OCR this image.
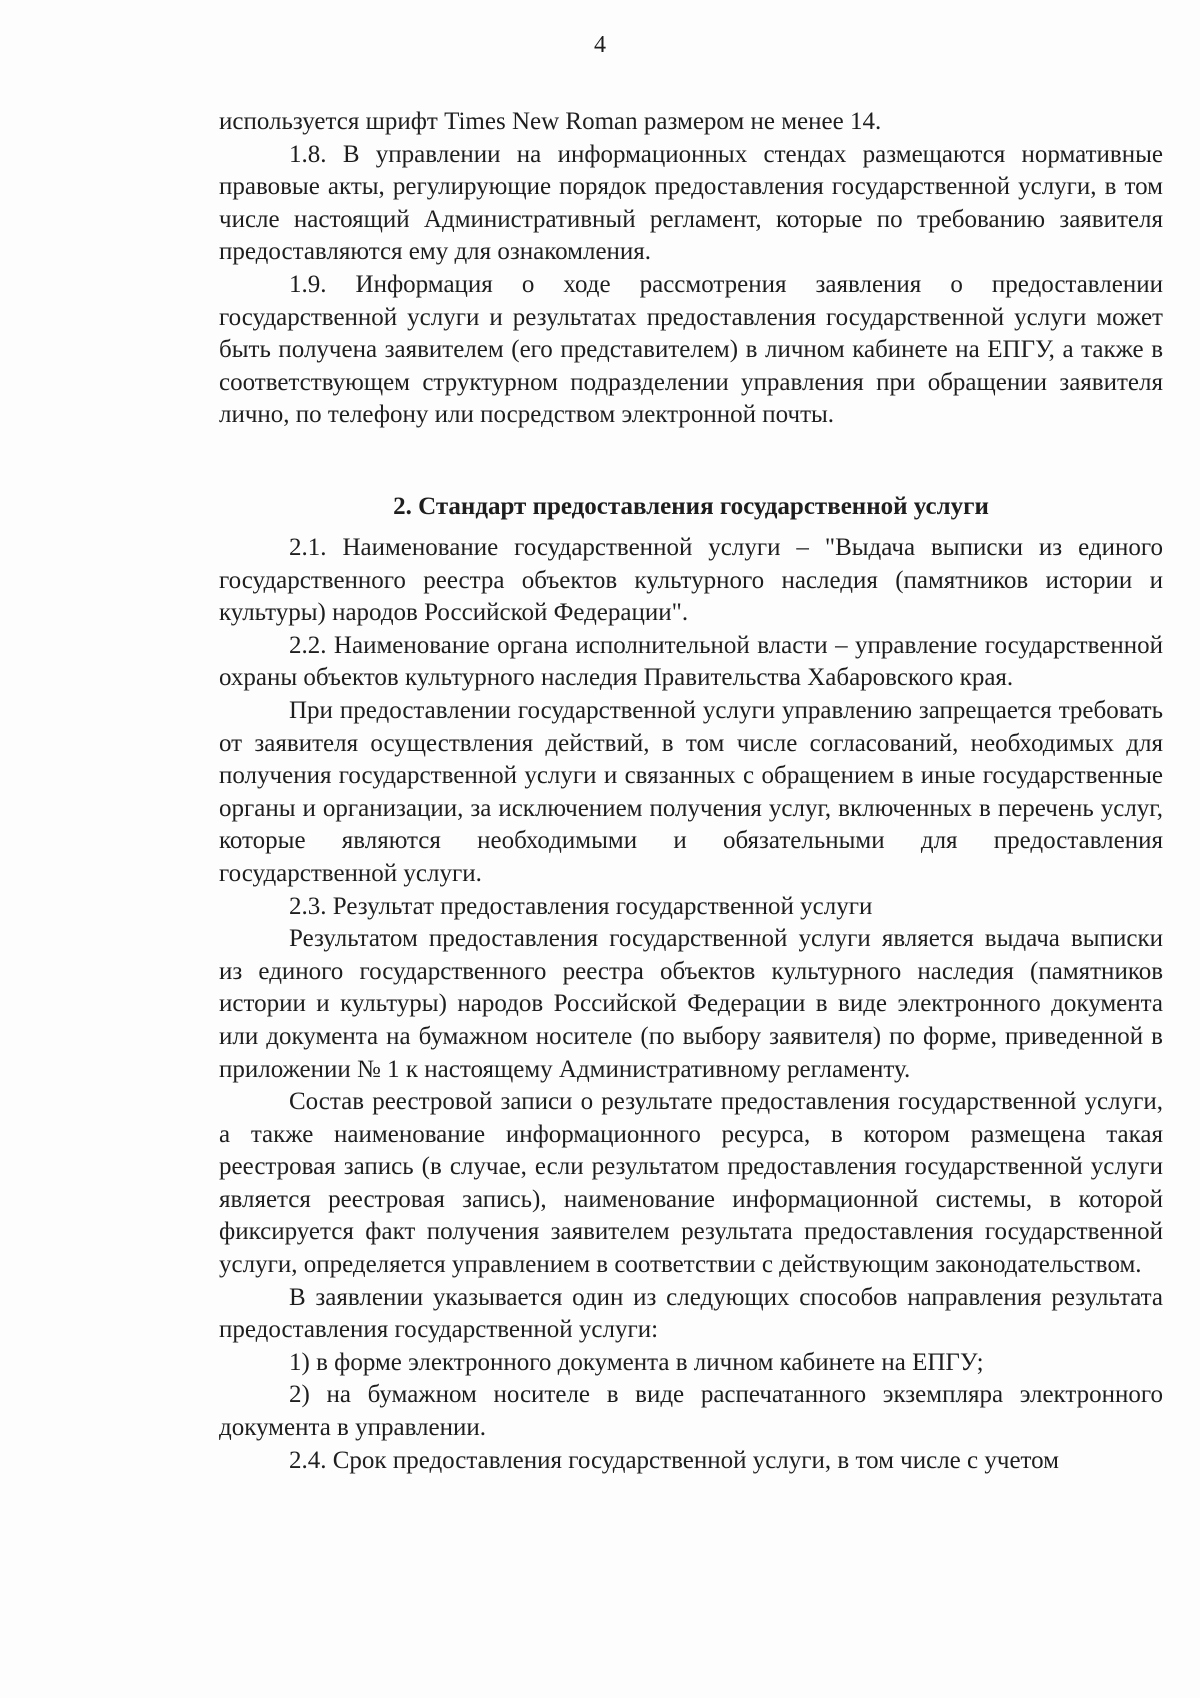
4

используется шрифт Times New Roman размером не менее 14.

1.8. В управлении на информационных стендах размещаются нормативные правовые акты, регулирующие порядок предоставления государственной услуги, в том числе настоящий Административный регламент, которые по требованию заявителя предоставляются ему для ознакомления.

1.9. Информация о ходе рассмотрения заявления о предоставлении государственной услуги и результатах предоставления государственной услуги может быть получена заявителем (его представителем) в личном кабинете на ЕПГУ, а также в соответствующем структурном подразделении управления при обращении заявителя лично, по телефону или посредством электронной почты.

2. Стандарт предоставления государственной услуги

2.1. Наименование государственной услуги – "Выдача выписки из единого государственного реестра объектов культурного наследия (памятников истории и культуры) народов Российской Федерации".

2.2. Наименование органа исполнительной власти – управление государственной охраны объектов культурного наследия Правительства Хабаровского края.

При предоставлении государственной услуги управлению запрещается требовать от заявителя осуществления действий, в том числе согласований, необходимых для получения государственной услуги и связанных с обращением в иные государственные органы и организации, за исключением получения услуг, включенных в перечень услуг, которые являются необходимыми и обязательными для предоставления государственной услуги.

2.3. Результат предоставления государственной услуги

Результатом предоставления государственной услуги является выдача выписки из единого государственного реестра объектов культурного наследия (памятников истории и культуры) народов Российской Федерации в виде электронного документа или документа на бумажном носителе (по выбору заявителя) по форме, приведенной в приложении № 1 к настоящему Административному регламенту.

Состав реестровой записи о результате предоставления государственной услуги, а также наименование информационного ресурса, в котором размещена такая реестровая запись (в случае, если результатом предоставления государственной услуги является реестровая запись), наименование информационной системы, в которой фиксируется факт получения заявителем результата предоставления государственной услуги, определяется управлением в соответствии с действующим законодательством.

В заявлении указывается один из следующих способов направления результата предоставления государственной услуги:

1) в форме электронного документа в личном кабинете на ЕПГУ;

2) на бумажном носителе в виде распечатанного экземпляра электронного документа в управлении.

2.4. Срок предоставления государственной услуги, в том числе с учетом
